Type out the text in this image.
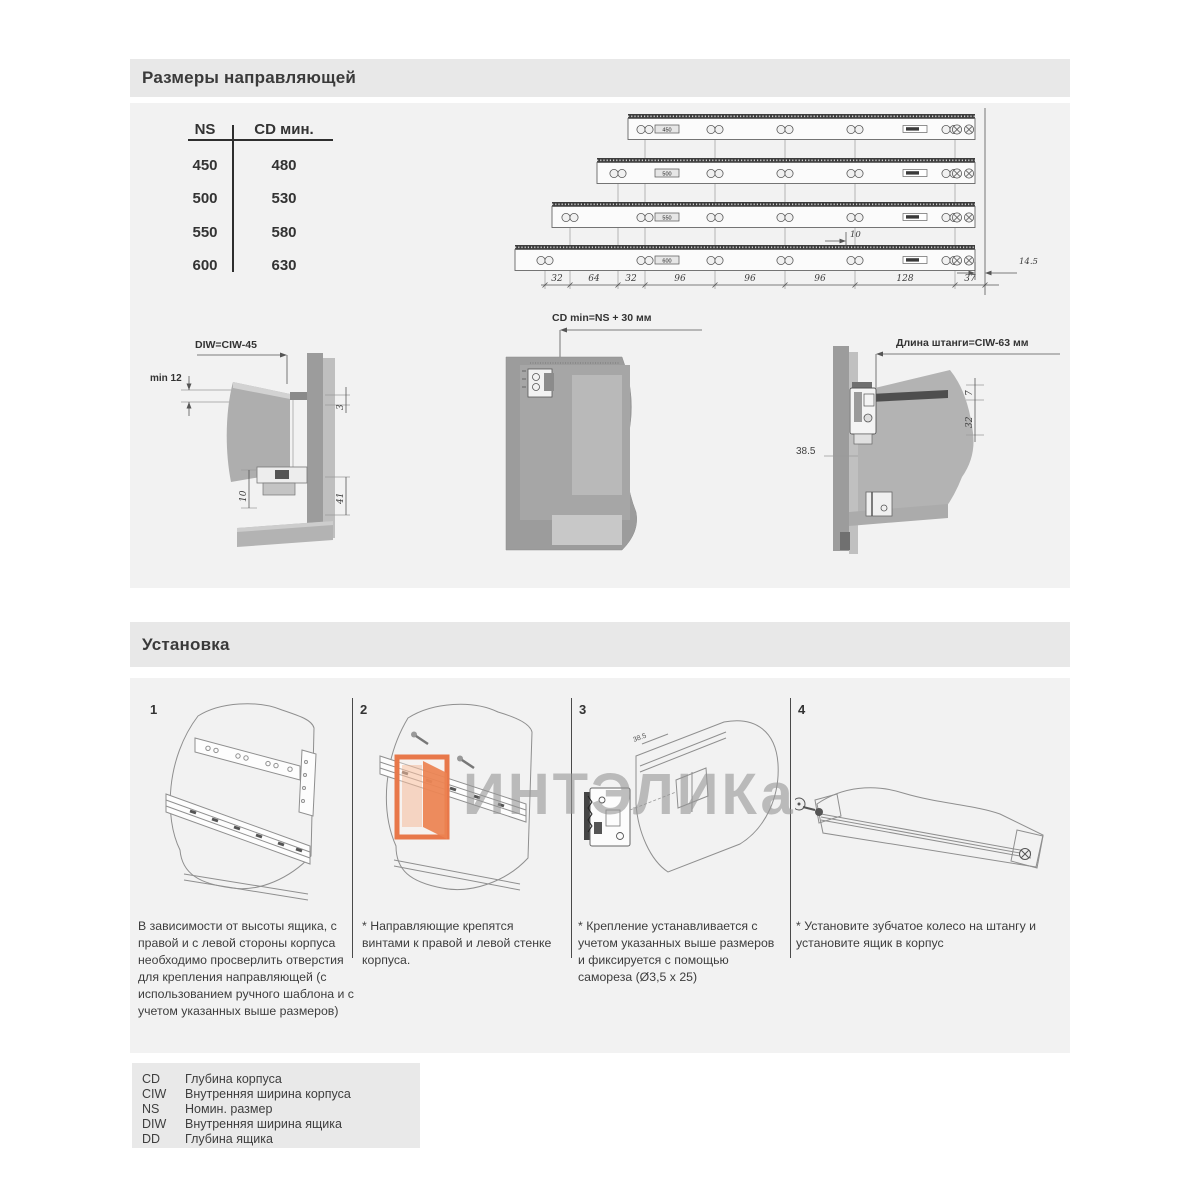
Размеры направляющей
NS	CD мин.
450	480
500	530
550	580
600	630
450
500
550
600
32	64	32	96	96	96	128	37
10
14.5
DIW=CIW-45
min 12
10
3
41
CD min=NS + 30 мм
Длина штанги=CIW-63 мм
38.5
7
32
Установка
1	2	3	4
38.5
В зависимости от высоты ящика, с правой и с левой стороны корпуса необходимо просверлить отверстия для крепления направляющей (с использованием ручного шаблона и с учетом указанных выше размеров)
* Направляющие крепятся винтами к правой и левой стенке корпуса.
* Крепление устанавливается с учетом указанных выше размеров и фиксируется с помощью самореза (Ø3,5 x 25)
* Установите зубчатое колесо на штангу и установите ящик в корпус
ИНТЭЛИКа
CD	Глубина корпуса
CIW	Внутренняя ширина корпуса
NS	Номин. размер
DIW	Внутренняя ширина ящика
DD	Глубина ящика
